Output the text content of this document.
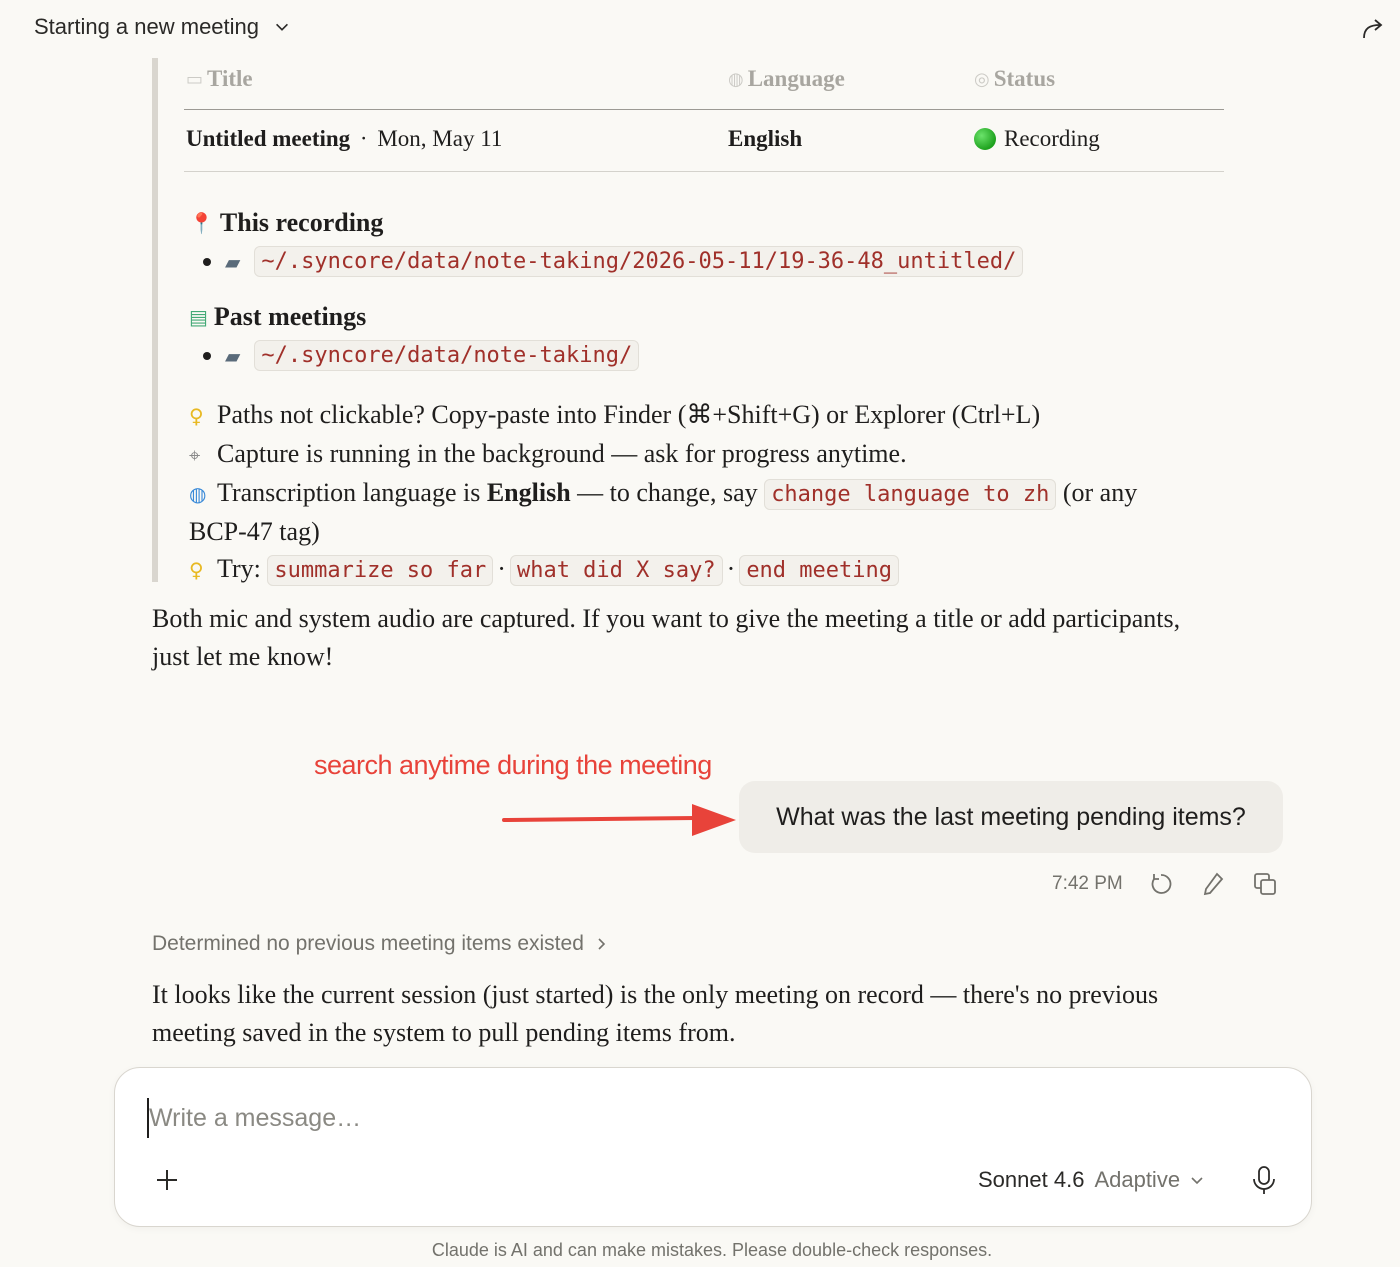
Starting a new meeting
▭ Title	◍ Language	◎ Status
Untitled meeting · Mon, May 11	English	Recording
📍 This recording
▰ ~/.syncore/data/note-taking/2026-05-11/19-36-48_untitled/
▤ Past meetings
▰ ~/.syncore/data/note-taking/

♀ Paths not clickable? Copy-paste into Finder (⌘+Shift+G) or Explorer (Ctrl+L)

⌖ Capture is running in the background — ask for progress anytime.

◍ Transcription language is English — to change, say change language to zh (or any BCP-47 tag)

♀ Try: summarize so far · what did X say? · end meeting

Both mic and system audio are captured. If you want to give the meeting a title or add participants, just let me know!

search anytime during the meeting
What was the last meeting pending items?
7:42 PM
Determined no previous meeting items existed

It looks like the current session (just started) is the only meeting on record — there's no previous meeting saved in the system to pull pending items from.

Write a message…
Sonnet 4.6 Adaptive
Claude is AI and can make mistakes. Please double-check responses.
